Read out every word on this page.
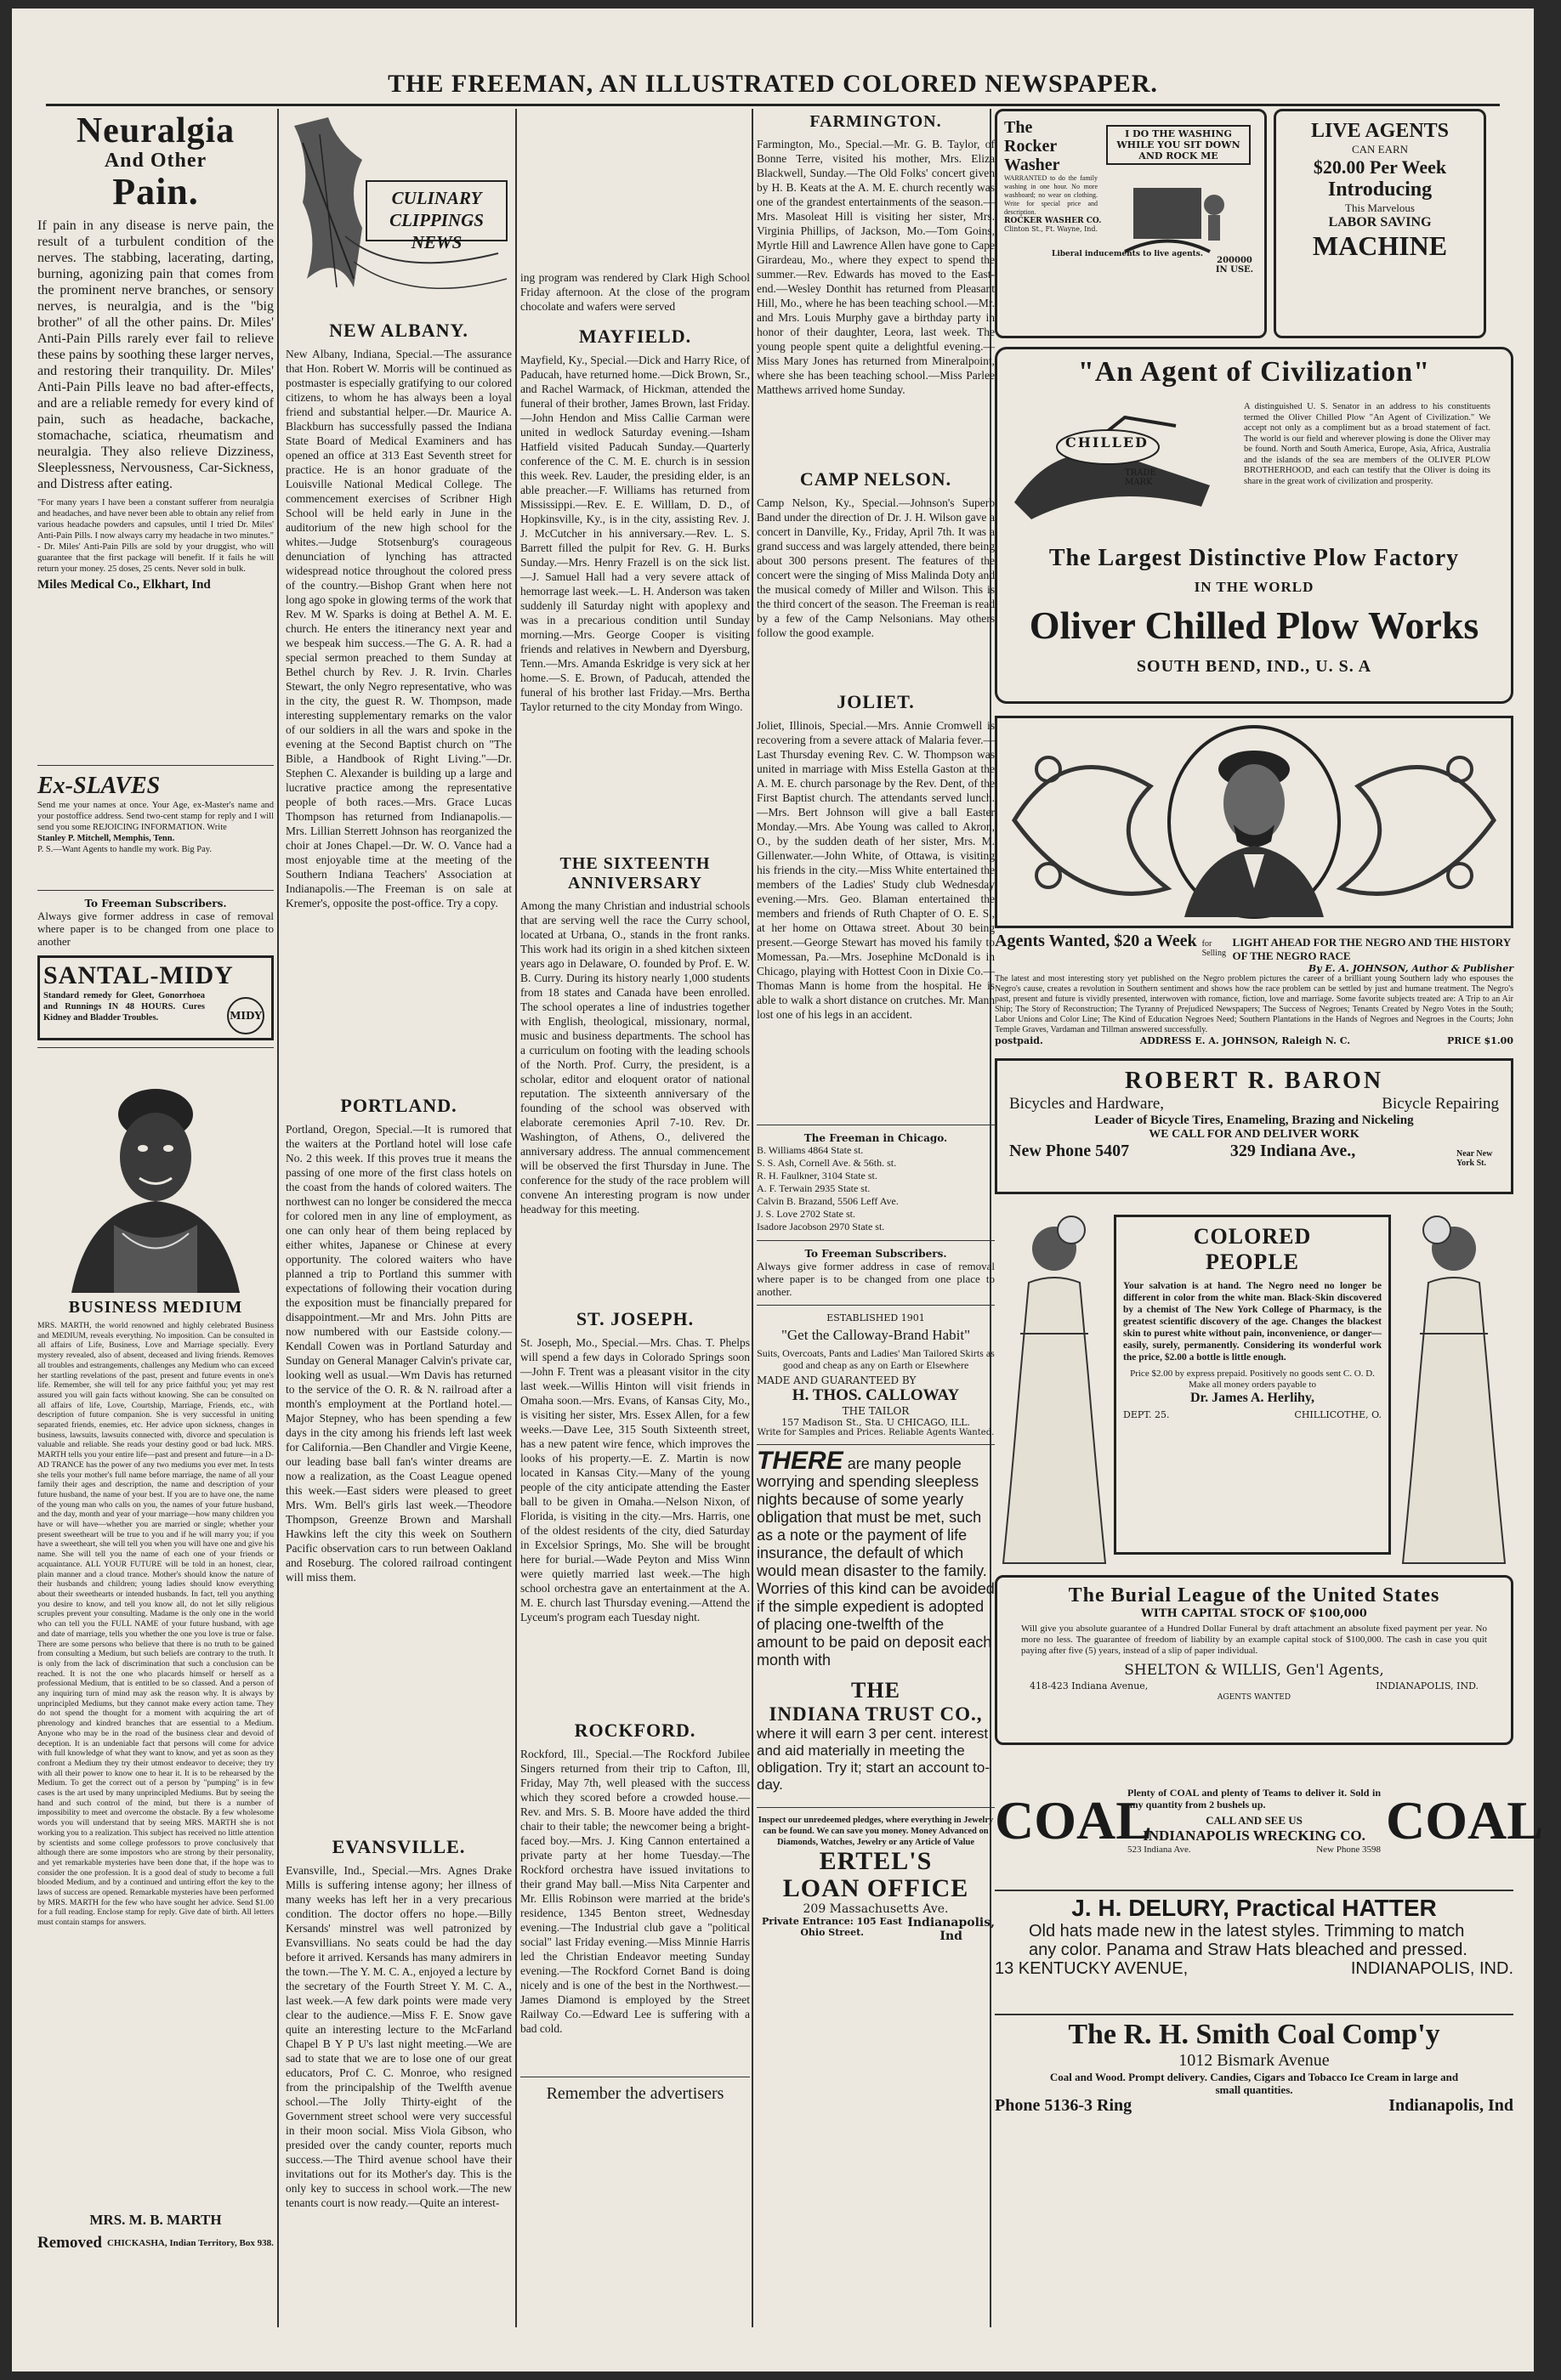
THE FREEMAN, AN ILLUSTRATED COLORED NEWSPAPER.
Neuralgia
And Other
Pain.
If pain in any disease is nerve pain, the result of a turbulent condition of the nerves. The stabbing, lacerating, darting, burning, agonizing pain that comes from the prominent nerve branches, or sensory nerves, is neuralgia, and is the "big brother" of all the other pains. Dr. Miles' Anti-Pain Pills rarely ever fail to relieve these pains by soothing these larger nerves, and restoring their tranquility. Dr. Miles' Anti-Pain Pills leave no bad after-effects, and are a reliable remedy for every kind of pain, such as headache, backache, stomachache, sciatica, rheumatism and neuralgia. They also relieve Dizziness, Sleeplessness, Nervousness, Car-Sickness, and Distress after eating.
"For many years I have been a constant sufferer from neuralgia and headaches, and have never been able to obtain any relief from various headache powders and capsules, until I tried Dr. Miles' Anti-Pain Pills. I now always carry my headache in two minutes." - Dr. Miles' Anti-Pain Pills are sold by your druggist, who will guarantee that the first package will benefit. If it fails he will return your money. 25 doses, 25 cents. Never sold in bulk.
Miles Medical Co., Elkhart, Ind
Ex-SLAVES
Send me your names at once. Your Age, ex-Master's name and your postoffice address. Send two-cent stamp for reply and I will send you some REJOICING INFORMATION. Write
Stanley P. Mitchell, Memphis, Tenn.
P. S.—Want Agents to handle my work. Big Pay.
To Freeman Subscribers.
Always give former address in case of removal where paper is to be changed from one place to another
SANTAL-MIDY
Standard remedy for Gleet, Gonorrhoea and Runnings IN 48 HOURS. Cures Kidney and Bladder Troubles.	MIDY
BUSINESS MEDIUM
MRS. MARTH, the world renowned and highly celebrated Business and MEDIUM, reveals everything. No imposition. Can be consulted in all affairs of Life, Business, Love and Marriage specially. Every mystery revealed, also of absent, deceased and living friends. Removes all troubles and estrangements, challenges any Medium who can exceed her startling revelations of the past, present and future events in one's life. Remember, she will tell for any price faithful you; yet may rest assured you will gain facts without knowing. She can be consulted on all affairs of life, Love, Courtship, Marriage, Friends, etc., with description of future companion. She is very successful in uniting separated friends, enemies, etc. Her advice upon sickness, changes in business, lawsuits, lawsuits connected with, divorce and speculation is valuable and reliable. She reads your destiny good or bad luck. MRS. MARTH tells you your entire life—past and present and future—in a D-AD TRANCE has the power of any two mediums you ever met. In tests she tells your mother's full name before marriage, the name of all your family their ages and description, the name and description of your future husband, the name of your best. If you are to have one, the name of the young man who calls on you, the names of your future husband, and the day, month and year of your marriage—how many children you have or will have—whether you are married or single; whether your present sweetheart will be true to you and if he will marry you; if you have a sweetheart, she will tell you when you will have one and give his name. She will tell you the name of each one of your friends or acquaintance. ALL YOUR FUTURE will be told in an honest, clear, plain manner and a cloud trance. Mother's should know the nature of their husbands and children; young ladies should know everything about their sweethearts or intended husbands. In fact, tell you anything you desire to know, and tell you know all, do not let silly religious scruples prevent your consulting. Madame is the only one in the world who can tell you the FULL NAME of your future husband, with age and date of marriage, tells you whether the one you love is true or false. There are some persons who believe that there is no truth to be gained from consulting a Medium, but such beliefs are contrary to the truth. It is only from the lack of discrimination that such a conclusion can be reached. It is not the one who placards himself or herself as a professional Medium, that is entitled to be so classed. And a person of any inquiring turn of mind may ask the reason why. It is always by unprincipled Mediums, but they cannot make every action tame. They do not spend the thought for a moment with acquiring the art of phrenology and kindred branches that are essential to a Medium. Anyone who may be in the road of the business clear and devoid of deception. It is an undeniable fact that persons will come for advice with full knowledge of what they want to know, and yet as soon as they confront a Medium they try their utmost endeavor to deceive; they try with all their power to know one to hear it. It is to be rehearsed by the Medium. To get the correct out of a person by "pumping" is in few cases is the art used by many unprincipled Mediums. But by seeing the hand and such control of the mind, but there is a number of impossibility to meet and overcome the obstacle. By a few wholesome words you will understand that by seeing MRS. MARTH she is not working you to a realization. This subject has received no little attention by scientists and some college professors to prove conclusively that although there are some impostors who are strong by their personality, and yet remarkable mysteries have been done that, if the hope was to consider the one profession. It is a good deal of study to become a full blooded Medium, and by a continued and untiring effort the key to the laws of success are opened. Remarkable mysteries have been performed by MRS. MARTH for the few who have sought her advice. Send $1.00 for a full reading. Enclose stamp for reply. Give date of birth. All letters must contain stamps for answers.
MRS. M. B. MARTH
Removed CHICKASHA, Indian Territory, Box 938.
CULINARY CLIPPINGS NEWS
NEW ALBANY.
New Albany, Indiana, Special.—The assurance that Hon. Robert W. Morris will be continued as postmaster is especially gratifying to our colored citizens, to whom he has always been a loyal friend and substantial helper.—Dr. Maurice A. Blackburn has successfully passed the Indiana State Board of Medical Examiners and has opened an office at 313 East Seventh street for practice. He is an honor graduate of the Louisville National Medical College. The commencement exercises of Scribner High School will be held early in June in the auditorium of the new high school for the whites.—Judge Stotsenburg's courageous denunciation of lynching has attracted widespread notice throughout the colored press of the country.—Bishop Grant when here not long ago spoke in glowing terms of the work that Rev. M W. Sparks is doing at Bethel A. M. E. church. He enters the itinerancy next year and we bespeak him success.—The G. A. R. had a special sermon preached to them Sunday at Bethel church by Rev. J. R. Irvin. Charles Stewart, the only Negro representative, who was in the city, the guest R. W. Thompson, made interesting supplementary remarks on the valor of our soldiers in all the wars and spoke in the evening at the Second Baptist church on "The Bible, a Handbook of Right Living."—Dr. Stephen C. Alexander is building up a large and lucrative practice among the representative people of both races.—Mrs. Grace Lucas Thompson has returned from Indianapolis.—Mrs. Lillian Sterrett Johnson has reorganized the choir at Jones Chapel.—Dr. W. O. Vance had a most enjoyable time at the meeting of the Southern Indiana Teachers' Association at Indianapolis.—The Freeman is on sale at Kremer's, opposite the post-office. Try a copy.
PORTLAND.
Portland, Oregon, Special.—It is rumored that the waiters at the Portland hotel will lose cafe No. 2 this week. If this proves true it means the passing of one more of the first class hotels on the coast from the hands of colored waiters. The northwest can no longer be considered the mecca for colored men in any line of employment, as one can only hear of them being replaced by either whites, Japanese or Chinese at every opportunity. The colored waiters who have planned a trip to Portland this summer with expectations of following their vocation during the exposition must be financially prepared for disappointment.—Mr and Mrs. John Pitts are now numbered with our Eastside colony.—Kendall Cowen was in Portland Saturday and Sunday on General Manager Calvin's private car, looking well as usual.—Wm Davis has returned to the service of the O. R. & N. railroad after a month's employment at the Portland hotel.—Major Stepney, who has been spending a few days in the city among his friends left last week for California.—Ben Chandler and Virgie Keene, our leading base ball fan's winter dreams are now a realization, as the Coast League opened this week.—East siders were pleased to greet Mrs. Wm. Bell's girls last week.—Theodore Thompson, Greenze Brown and Marshall Hawkins left the city this week on Southern Pacific observation cars to run between Oakland and Roseburg. The colored railroad contingent will miss them.
EVANSVILLE.
Evansville, Ind., Special.—Mrs. Agnes Drake Mills is suffering intense agony; her illness of many weeks has left her in a very precarious condition. The doctor offers no hope.—Billy Kersands' minstrel was well patronized by Evansvillians. No seats could be had the day before it arrived. Kersands has many admirers in the town.—The Y. M. C. A., enjoyed a lecture by the secretary of the Fourth Street Y. M. C. A., last week.—A few dark points were made very clear to the audience.—Miss F. E. Snow gave quite an interesting lecture to the McFarland Chapel B Y P U's last night meeting.—We are sad to state that we are to lose one of our great educators, Prof C. C. Monroe, who resigned from the principalship of the Twelfth avenue school.—The Jolly Thirty-eight of the Government street school were very successful in their moon social. Miss Viola Gibson, who presided over the candy counter, reports much success.—The Third avenue school have their invitations out for its Mother's day. This is the only key to success in school work.—The new tenants court is now ready.—Quite an interest-
ing program was rendered by Clark High School Friday afternoon. At the close of the program chocolate and wafers were served
MAYFIELD.
Mayfield, Ky., Special.—Dick and Harry Rice, of Paducah, have returned home.—Dick Brown, Sr., and Rachel Warmack, of Hickman, attended the funeral of their brother, James Brown, last Friday.—John Hendon and Miss Callie Carman were united in wedlock Saturday evening.—Isham Hatfield visited Paducah Sunday.—Quarterly conference of the C. M. E. church is in session this week. Rev. Lauder, the presiding elder, is an able preacher.—F. Williams has returned from Mississippi.—Rev. E. E. Willlam, D. D., of Hopkinsville, Ky., is in the city, assisting Rev. J. J. McCutcher in his anniversary.—Rev. L. S. Barrett filled the pulpit for Rev. G. H. Burks Sunday.—Mrs. Henry Frazell is on the sick list.—J. Samuel Hall had a very severe attack of hemorrage last week.—L. H. Anderson was taken suddenly ill Saturday night with apoplexy and was in a precarious condition until Sunday morning.—Mrs. George Cooper is visiting friends and relatives in Newbern and Dyersburg, Tenn.—Mrs. Amanda Eskridge is very sick at her home.—S. E. Brown, of Paducah, attended the funeral of his brother last Friday.—Mrs. Bertha Taylor returned to the city Monday from Wingo.
THE SIXTEENTH ANNIVERSARY
Among the many Christian and industrial schools that are serving well the race the Curry school, located at Urbana, O., stands in the front ranks. This work had its origin in a shed kitchen sixteen years ago in Delaware, O. founded by Prof. E. W. B. Curry. During its history nearly 1,000 students from 18 states and Canada have been enrolled. The school operates a line of industries together with English, theological, missionary, normal, music and business departments. The school has a curriculum on footing with the leading schools of the North. Prof. Curry, the president, is a scholar, editor and eloquent orator of national reputation. The sixteenth anniversary of the founding of the school was observed with elaborate ceremonies April 7-10. Rev. Dr. Washington, of Athens, O., delivered the anniversary address. The annual commencement will be observed the first Thursday in June. The conference for the study of the race problem will convene An interesting program is now under headway for this meeting.
ST. JOSEPH.
St. Joseph, Mo., Special.—Mrs. Chas. T. Phelps will spend a few days in Colorado Springs soon—John F. Trent was a pleasant visitor in the city last week.—Willis Hinton will visit friends in Omaha soon.—Mrs. Evans, of Kansas City, Mo., is visiting her sister, Mrs. Essex Allen, for a few weeks.—Dave Lee, 315 South Sixteenth street, has a new patent wire fence, which improves the looks of his property.—E. Z. Martin is now located in Kansas City.—Many of the young people of the city anticipate attending the Easter ball to be given in Omaha.—Nelson Nixon, of Florida, is visiting in the city.—Mrs. Harris, one of the oldest residents of the city, died Saturday in Excelsior Springs, Mo. She will be brought here for burial.—Wade Peyton and Miss Winn were quietly married last week.—The high school orchestra gave an entertainment at the A. M. E. church last Thursday evening.—Attend the Lyceum's program each Tuesday night.
ROCKFORD.
Rockford, Ill., Special.—The Rockford Jubilee Singers returned from their trip to Cafton, Ill, Friday, May 7th, well pleased with the success which they scored before a crowded house.—Rev. and Mrs. S. B. Moore have added the third chair to their table; the newcomer being a bright-faced boy.—Mrs. J. King Cannon entertained a private party at her home Tuesday.—The Rockford orchestra have issued invitations to their grand May ball.—Miss Nita Carpenter and Mr. Ellis Robinson were married at the bride's residence, 1345 Benton street, Wednesday evening.—The Industrial club gave a "political social" last Friday evening.—Miss Minnie Harris led the Christian Endeavor meeting Sunday evening.—The Rockford Cornet Band is doing nicely and is one of the best in the Northwest.—James Diamond is employed by the Street Railway Co.—Edward Lee is suffering with a bad cold.
Remember the advertisers
FARMINGTON.
Farmington, Mo., Special.—Mr. G. B. Taylor, of Bonne Terre, visited his mother, Mrs. Eliza Blackwell, Sunday.—The Old Folks' concert given by H. B. Keats at the A. M. E. church recently was one of the grandest entertainments of the season.—Mrs. Masoleat Hill is visiting her sister, Mrs. Virginia Phillips, of Jackson, Mo.—Tom Goins, Myrtle Hill and Lawrence Allen have gone to Cape Girardeau, Mo., where they expect to spend the summer.—Rev. Edwards has moved to the East-end.—Wesley Donthit has returned from Pleasant Hill, Mo., where he has been teaching school.—Mr. and Mrs. Louis Murphy gave a birthday party in honor of their daughter, Leora, last week. The young people spent quite a delightful evening.—Miss Mary Jones has returned from Mineralpoint, where she has been teaching school.—Miss Parlee Matthews arrived home Sunday.
CAMP NELSON.
Camp Nelson, Ky., Special.—Johnson's Superb Band under the direction of Dr. J. H. Wilson gave a concert in Danville, Ky., Friday, April 7th. It was a grand success and was largely attended, there being about 300 persons present. The features of the concert were the singing of Miss Malinda Doty and the musical comedy of Miller and Wilson. This is the third concert of the season. The Freeman is read by a few of the Camp Nelsonians. May others follow the good example.
JOLIET.
Joliet, Illinois, Special.—Mrs. Annie Cromwell is recovering from a severe attack of Malaria fever.—Last Thursday evening Rev. C. W. Thompson was united in marriage with Miss Estella Gaston at the A. M. E. church parsonage by the Rev. Dent, of the First Baptist church. The attendants served lunch.—Mrs. Bert Johnson will give a ball Easter Monday.—Mrs. Abe Young was called to Akron, O., by the sudden death of her sister, Mrs. M. Gillenwater.—John White, of Ottawa, is visiting his friends in the city.—Miss White entertained the members of the Ladies' Study club Wednesday evening.—Mrs. Geo. Blaman entertained the members and friends of Ruth Chapter of O. E. S., at her home on Ottawa street. About 30 being present.—George Stewart has moved his family to Momessan, Pa.—Mrs. Josephine McDonald is in Chicago, playing with Hottest Coon in Dixie Co.—Thomas Mann is home from the hospital. He is able to walk a short distance on crutches. Mr. Mann lost one of his legs in an accident.
The Freeman in Chicago.
B. Williams 4864 State st.
S. S. Ash, Cornell Ave. & 56th. st.
R. H. Faulkner, 3104 State st.
A. F. Terwain 2935 State st.
Calvin B. Brazand, 5506 Leff Ave.
J. S. Love 2702 State st.
Isadore Jacobson 2970 State st.
To Freeman Subscribers.
Always give former address in case of removal where paper is to be changed from one place to another.
ESTABLISHED 1901
"Get the Calloway-Brand Habit"
Suits, Overcoats, Pants and Ladies' Man Tailored Skirts as good and cheap as any on Earth or Elsewhere
MADE AND GUARANTEED BY
H. THOS. CALLOWAY
THE TAILOR
157 Madison St., Sta. U CHICAGO, ILL.
Write for Samples and Prices. Reliable Agents Wanted.
THERE are many people worrying and spending sleepless nights because of some yearly obligation that must be met, such as a note or the payment of life insurance, the default of which would mean disaster to the family. Worries of this kind can be avoided if the simple expedient is adopted of placing one-twelfth of the amount to be paid on deposit each month with
THE
INDIANA TRUST CO.,
where it will earn 3 per cent. interest and aid materially in meeting the obligation. Try it; start an account to-day.
Inspect our unredeemed pledges, where everything in Jewelry can be found. We can save you money. Money Advanced on Diamonds, Watches, Jewelry or any Article of Value
ERTEL'S
LOAN OFFICE
209 Massachusetts Ave.
Private Entrance: 105 East Ohio Street.
Indianapolis, Ind
The Rocker Washer
WARRANTED to do the family washing in one hour. No more washboard; no wear on clothing. Write for special price and description.
ROCKER WASHER CO.
Clinton St., Ft. Wayne, Ind.
Liberal inducements to live agents.
I DO THE WASHING WHILE YOU SIT DOWN AND ROCK ME
200000 IN USE.
LIVE AGENTS
CAN EARN
$20.00 Per Week
Introducing
This Marvelous
LABOR SAVING
MACHINE
"An Agent of Civilization"
CHILLED
TRADE MARK
A distinguished U. S. Senator in an address to his constituents termed the Oliver Chilled Plow "An Agent of Civilization." We accept not only as a compliment but as a broad statement of fact. The world is our field and wherever plowing is done the Oliver may be found. North and South America, Europe, Asia, Africa, Australia and the islands of the sea are members of the OLIVER PLOW BROTHERHOOD, and each can testify that the Oliver is doing its share in the great work of civilization and prosperity.
The Largest Distinctive Plow Factory
IN THE WORLD
Oliver Chilled Plow Works
SOUTH BEND, IND., U. S. A
Agents Wanted, $20 a Week for Selling
LIGHT AHEAD FOR THE NEGRO AND THE HISTORY OF THE NEGRO RACE
By E. A. JOHNSON, Author & Publisher
The latest and most interesting story yet published on the Negro problem pictures the career of a brilliant young Southern lady who espouses the Negro's cause, creates a revolution in Southern sentiment and shows how the race problem can be settled by just and humane treatment. The Negro's past, present and future is vividly presented, interwoven with romance, fiction, love and marriage. Some favorite subjects treated are: A Trip to an Air Ship; The Story of Reconstruction; The Tyranny of Prejudiced Newspapers; The Success of Negroes; Tenants Created by Negro Votes in the South; Labor Unions and Color Line; The Kind of Education Negroes Need; Southern Plantations in the Hands of Negroes and Negroes in the Courts; John Temple Graves, Vardaman and Tillman answered successfully.
postpaid.	ADDRESS E. A. JOHNSON, Raleigh N. C.	PRICE $1.00
ROBERT R. BARON
Bicycles and Hardware,	Bicycle Repairing
Leader of Bicycle Tires, Enameling, Brazing and Nickeling
WE CALL FOR AND DELIVER WORK
New Phone 5407	329 Indiana Ave.,	Near New York St.
COLORED
PEOPLE
Your salvation is at hand. The Negro need no longer be different in color from the white man. Black-Skin discovered by a chemist of The New York College of Pharmacy, is the greatest scientific discovery of the age. Changes the blackest skin to purest white without pain, inconvenience, or danger—easily, surely, permanently. Considering its wonderful work the price, $2.00 a bottle is little enough.
Price $2.00 by express prepaid. Positively no goods sent C. O. D. Make all money orders payable to
Dr. James A. Herlihy,
DEPT. 25.	CHILLICOTHE, O.
The Burial League of the United States
WITH CAPITAL STOCK OF $100,000
Will give you absolute guarantee of a Hundred Dollar Funeral by draft attachment an absolute fixed payment per year. No more no less. The guarantee of freedom of liability by an example capital stock of $100,000. The cash in case you quit paying after five (5) years, instead of a slip of paper individual.
SHELTON & WILLIS, Gen'l Agents,
418-423 Indiana Avenue,	INDIANAPOLIS, IND.
AGENTS WANTED
COAL
Plenty of COAL and plenty of Teams to deliver it. Sold in any quantity from 2 bushels up.
CALL AND SEE US
INDIANAPOLIS WRECKING CO.
523 Indiana Ave.	New Phone 3598 COAL
J. H. DELURY, Practical HATTER
Old hats made new in the latest styles. Trimming to match any color. Panama and Straw Hats bleached and pressed.
13 KENTUCKY AVENUE,	INDIANAPOLIS, IND.
The R. H. Smith Coal Comp'y
1012 Bismark Avenue
Coal and Wood. Prompt delivery. Candies, Cigars and Tobacco Ice Cream in large and small quantities.
Phone 5136-3 Ring	Indianapolis, Ind
